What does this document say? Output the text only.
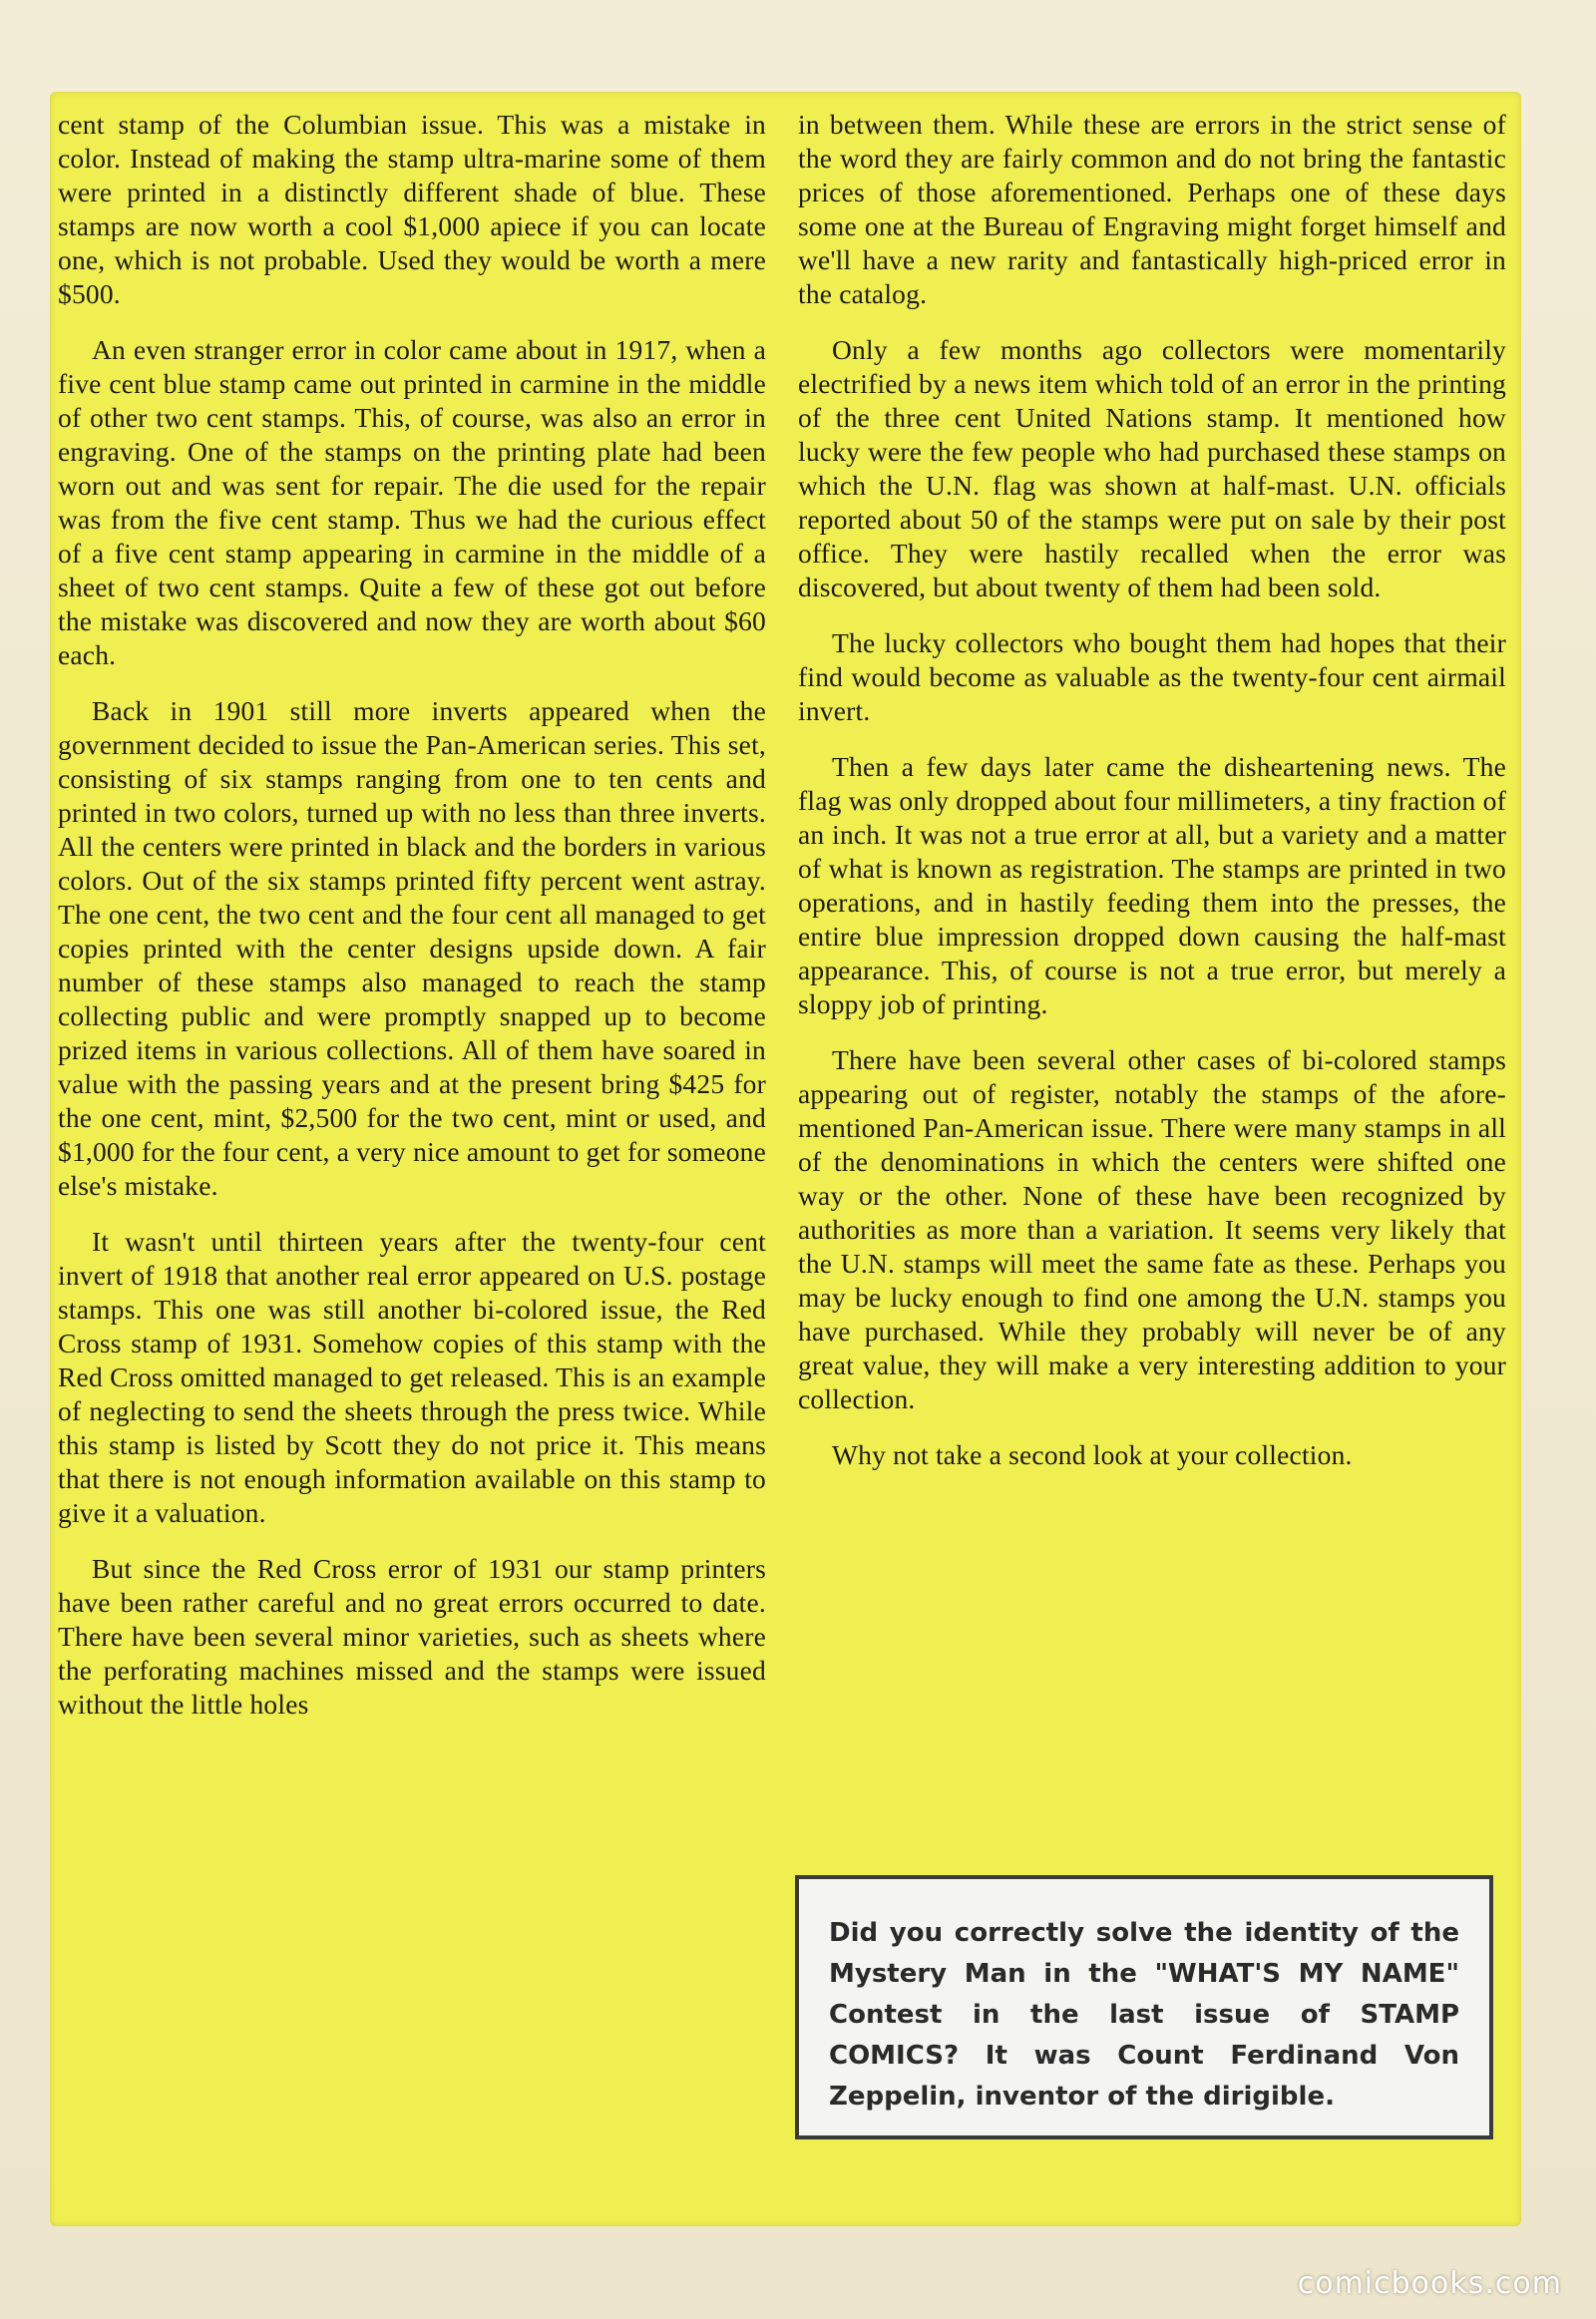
cent stamp of the Columbian issue. This was a mistake in color. Instead of making the stamp ultra-marine some of them were printed in a distinctly different shade of blue. These stamps are now worth a cool $1,000 apiece if you can locate one, which is not probable. Used they would be worth a mere $500.

An even stranger error in color came about in 1917, when a five cent blue stamp came out printed in carmine in the middle of other two cent stamps. This, of course, was also an error in engraving. One of the stamps on the printing plate had been worn out and was sent for repair. The die used for the repair was from the five cent stamp. Thus we had the curious effect of a five cent stamp appearing in carmine in the middle of a sheet of two cent stamps. Quite a few of these got out before the mistake was discovered and now they are worth about $60 each.

Back in 1901 still more inverts appeared when the government decided to issue the Pan-American series. This set, consisting of six stamps ranging from one to ten cents and printed in two colors, turned up with no less than three inverts. All the centers were printed in black and the borders in various colors. Out of the six stamps printed fifty percent went astray. The one cent, the two cent and the four cent all managed to get copies printed with the center designs upside down. A fair number of these stamps also managed to reach the stamp collecting public and were promptly snapped up to become prized items in various collections. All of them have soared in value with the passing years and at the present bring $425 for the one cent, mint, $2,500 for the two cent, mint or used, and $1,000 for the four cent, a very nice amount to get for someone else's mistake.

It wasn't until thirteen years after the twenty-four cent invert of 1918 that another real error appeared on U.S. postage stamps. This one was still another bi-colored issue, the Red Cross stamp of 1931. Somehow copies of this stamp with the Red Cross omitted managed to get released. This is an example of neglecting to send the sheets through the press twice. While this stamp is listed by Scott they do not price it. This means that there is not enough information available on this stamp to give it a valuation.

But since the Red Cross error of 1931 our stamp printers have been rather careful and no great errors occurred to date. There have been several minor varieties, such as sheets where the perforating machines missed and the stamps were issued without the little holes

in between them. While these are errors in the strict sense of the word they are fairly common and do not bring the fantastic prices of those aforementioned. Perhaps one of these days some one at the Bureau of Engraving might forget himself and we'll have a new rarity and fantastically high-priced error in the catalog.

Only a few months ago collectors were momentarily electrified by a news item which told of an error in the printing of the three cent United Nations stamp. It mentioned how lucky were the few people who had purchased these stamps on which the U.N. flag was shown at half-mast. U.N. officials reported about 50 of the stamps were put on sale by their post office. They were hastily recalled when the error was discovered, but about twenty of them had been sold.

The lucky collectors who bought them had hopes that their find would become as valuable as the twenty-four cent airmail invert.

Then a few days later came the disheartening news. The flag was only dropped about four millimeters, a tiny fraction of an inch. It was not a true error at all, but a variety and a matter of what is known as registration. The stamps are printed in two operations, and in hastily feeding them into the presses, the entire blue impression dropped down causing the half-mast appearance. This, of course is not a true error, but merely a sloppy job of printing.

There have been several other cases of bi-colored stamps appearing out of register, notably the stamps of the afore-mentioned Pan-American issue. There were many stamps in all of the denominations in which the centers were shifted one way or the other. None of these have been recognized by authorities as more than a variation. It seems very likely that the U.N. stamps will meet the same fate as these. Perhaps you may be lucky enough to find one among the U.N. stamps you have purchased. While they probably will never be of any great value, they will make a very interesting addition to your collection.

Why not take a second look at your collection.

Did you correctly solve the identity of the Mystery Man in the "WHAT'S MY NAME" Contest in the last issue of STAMP COMICS? It was Count Ferdinand Von Zeppelin, inventor of the dirigible.

comicbooks.com
